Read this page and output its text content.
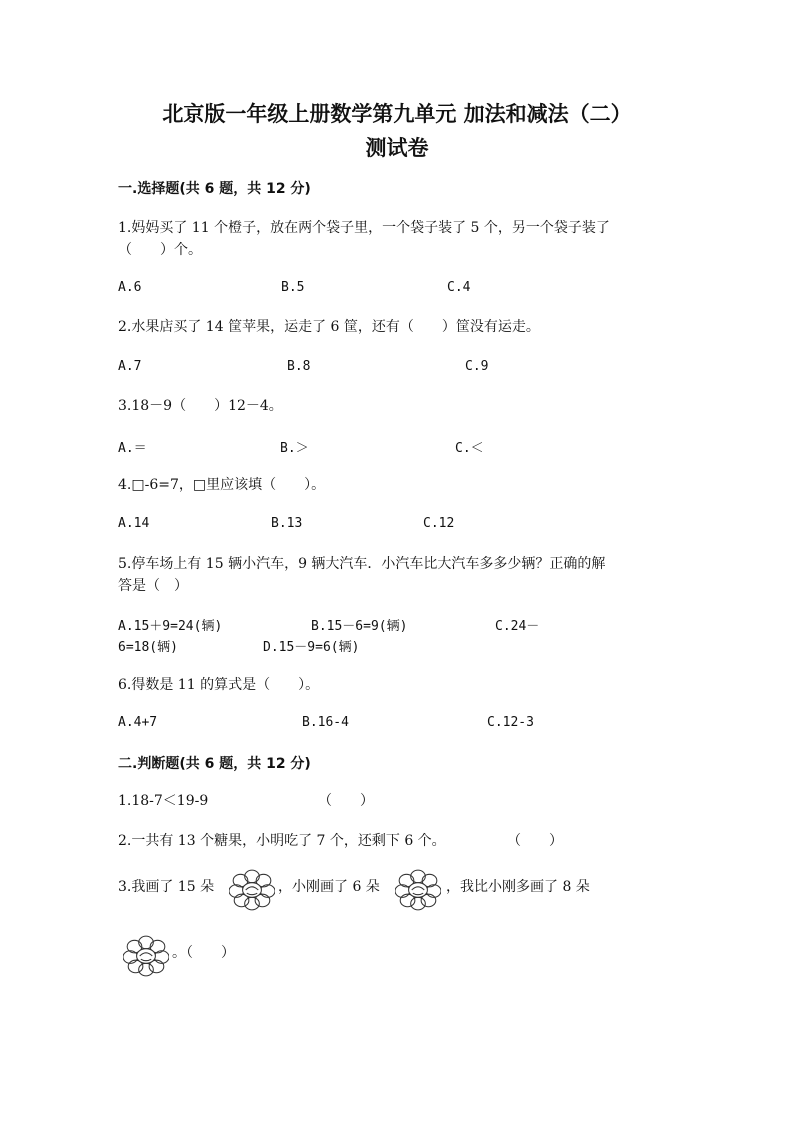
北京版一年级上册数学第九单元 加法和减法（二）
测试卷
一.选择题(共 6 题，共 12 分)
1.妈妈买了 11 个橙子，放在两个袋子里，一个袋子装了 5 个，另一个袋子装了
（　　）个。
A.6	B.5	C.4
2.水果店买了 14 筐苹果，运走了 6 筐，还有（　　）筐没有运走。
A.7	B.8	C.9
3.18－9（　　）12－4。
A.＝	B.＞	C.＜
4.□-6=7，□里应该填（　　）。
A.14	B.13	C.12
5.停车场上有 15 辆小汽车，9 辆大汽车．小汽车比大汽车多多少辆？正确的解
答是（　）
A.15＋9=24(辆)	B.15－6=9(辆)	C.24－
6=18(辆)	D.15－9=6(辆)
6.得数是 11 的算式是（　　）。
A.4+7	B.16-4	C.12-3
二.判断题(共 6 题，共 12 分)
1.18-7＜19-9	（　　）
2.一共有 13 个糖果，小明吃了 7 个，还剩下 6 个。	（　　）
3.我画了 15 朵	，小刚画了 6 朵	，我比小刚多画了 8 朵
。（　　）
